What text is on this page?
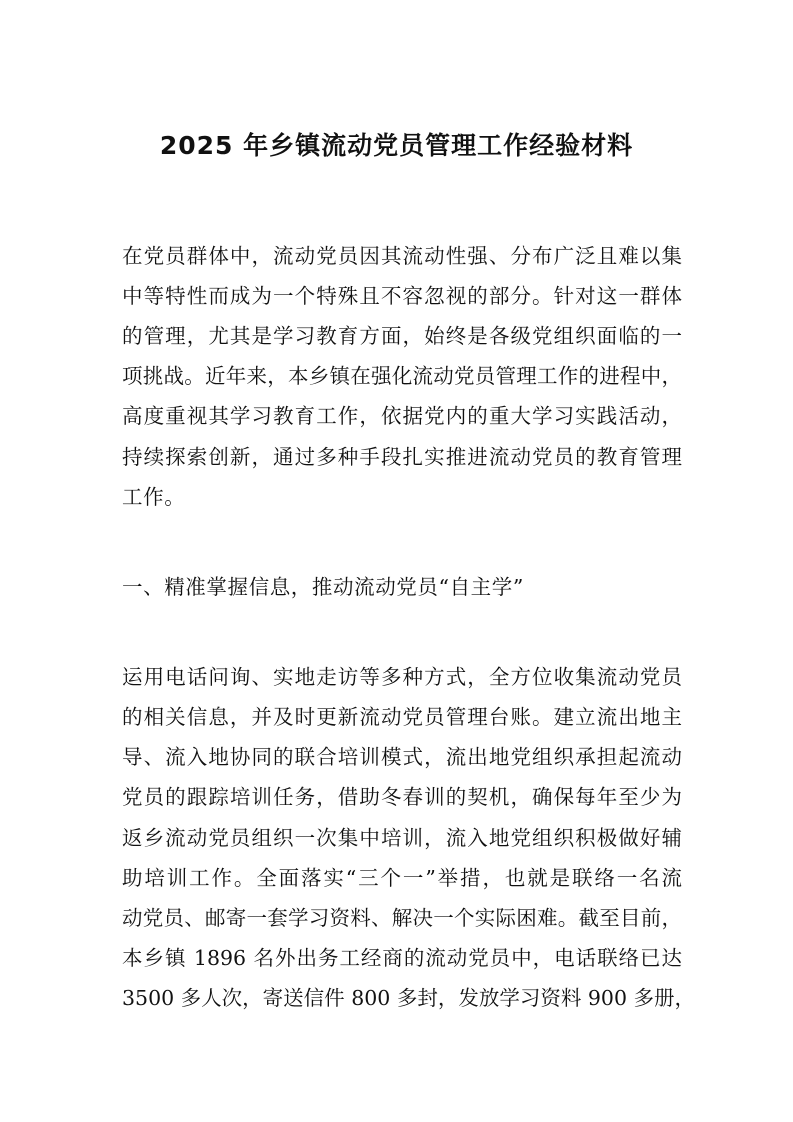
2025 年乡镇流动党员管理工作经验材料

在党员群体中，流动党员因其流动性强、分布广泛且难以集

中等特性而成为一个特殊且不容忽视的部分。针对这一群体

的管理，尤其是学习教育方面，始终是各级党组织面临的一

项挑战。近年来，本乡镇在强化流动党员管理工作的进程中，

高度重视其学习教育工作，依据党内的重大学习实践活动，

持续探索创新，通过多种手段扎实推进流动党员的教育管理

工作。

一、精准掌握信息，推动流动党员“自主学”

运用电话问询、实地走访等多种方式，全方位收集流动党员

的相关信息，并及时更新流动党员管理台账。建立流出地主

导、流入地协同的联合培训模式，流出地党组织承担起流动

党员的跟踪培训任务，借助冬春训的契机，确保每年至少为

返乡流动党员组织一次集中培训，流入地党组织积极做好辅

助培训工作。全面落实“三个一”举措，也就是联络一名流

动党员、邮寄一套学习资料、解决一个实际困难。截至目前，

本乡镇 1896 名外出务工经商的流动党员中，电话联络已达

3500 多人次，寄送信件 800 多封，发放学习资料 900 多册，
